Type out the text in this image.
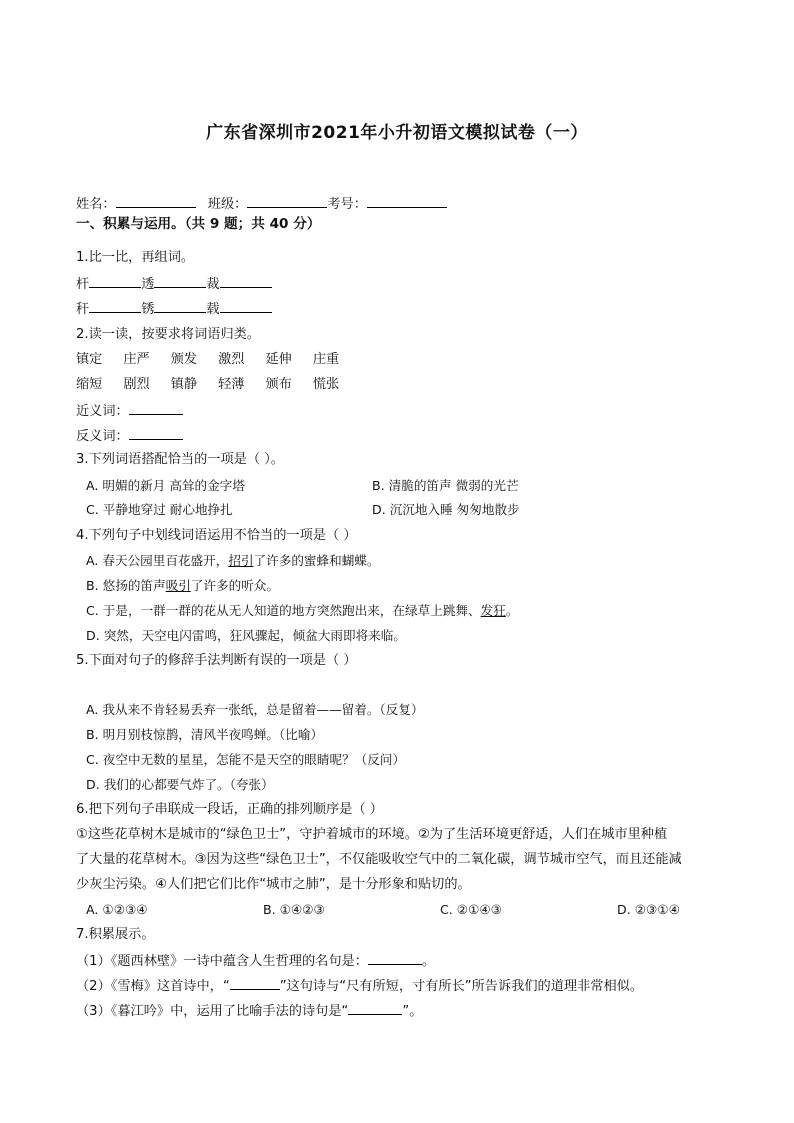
广东省深圳市2021年小升初语文模拟试卷（一）
姓名：	班级：	考号：
一、积累与运用。（共 9 题；共 40 分）
1.比一比，再组词。
杆	透	裁
秆	锈	载
2.读一读，按要求将词语归类。
镇定 庄严 颁发 激烈 延伸 庄重
缩短 剧烈 镇静 轻薄 颁布 慌张
近义词：
反义词：
3.下列词语搭配恰当的一项是（ ）。
A. 明媚的新月 高耸的金字塔	B. 清脆的笛声 微弱的光芒
C. 平静地穿过 耐心地挣扎	D. 沉沉地入睡 匆匆地散步
4.下列句子中划线词语运用不恰当的一项是（ ）
A. 春天公园里百花盛开，招引了许多的蜜蜂和蝴蝶。
B. 悠扬的笛声吸引了许多的听众。
C. 于是，一群一群的花从无人知道的地方突然跑出来，在绿草上跳舞、发狂。
D. 突然，天空电闪雷鸣，狂风骤起，倾盆大雨即将来临。
5.下面对句子的修辞手法判断有误的一项是（ ）
A. 我从来不肯轻易丢弃一张纸，总是留着——留着。（反复）
B. 明月别枝惊鹊，清风半夜鸣蝉。（比喻）
C. 夜空中无数的星星，怎能不是天空的眼睛呢？（反问）
D. 我们的心都要气炸了。（夸张）
6.把下列句子串联成一段话，正确的排列顺序是（ ）
①这些花草树木是城市的“绿色卫士”，守护着城市的环境。②为了生活环境更舒适，人们在城市里种植
了大量的花草树木。③因为这些“绿色卫士”，不仅能吸收空气中的二氧化碳，调节城市空气，而且还能减
少灰尘污染。④人们把它们比作“城市之肺”，是十分形象和贴切的。
A. ①②③④	B. ①④②③	C. ②①④③	D. ②③①④
7.积累展示。
（1）《题西林壁》一诗中蕴含人生哲理的名句是：	。
（2）《雪梅》这首诗中，“	”这句诗与“尺有所短，寸有所长”所告诉我们的道理非常相似。
（3）《暮江吟》中，运用了比喻手法的诗句是“	”。
